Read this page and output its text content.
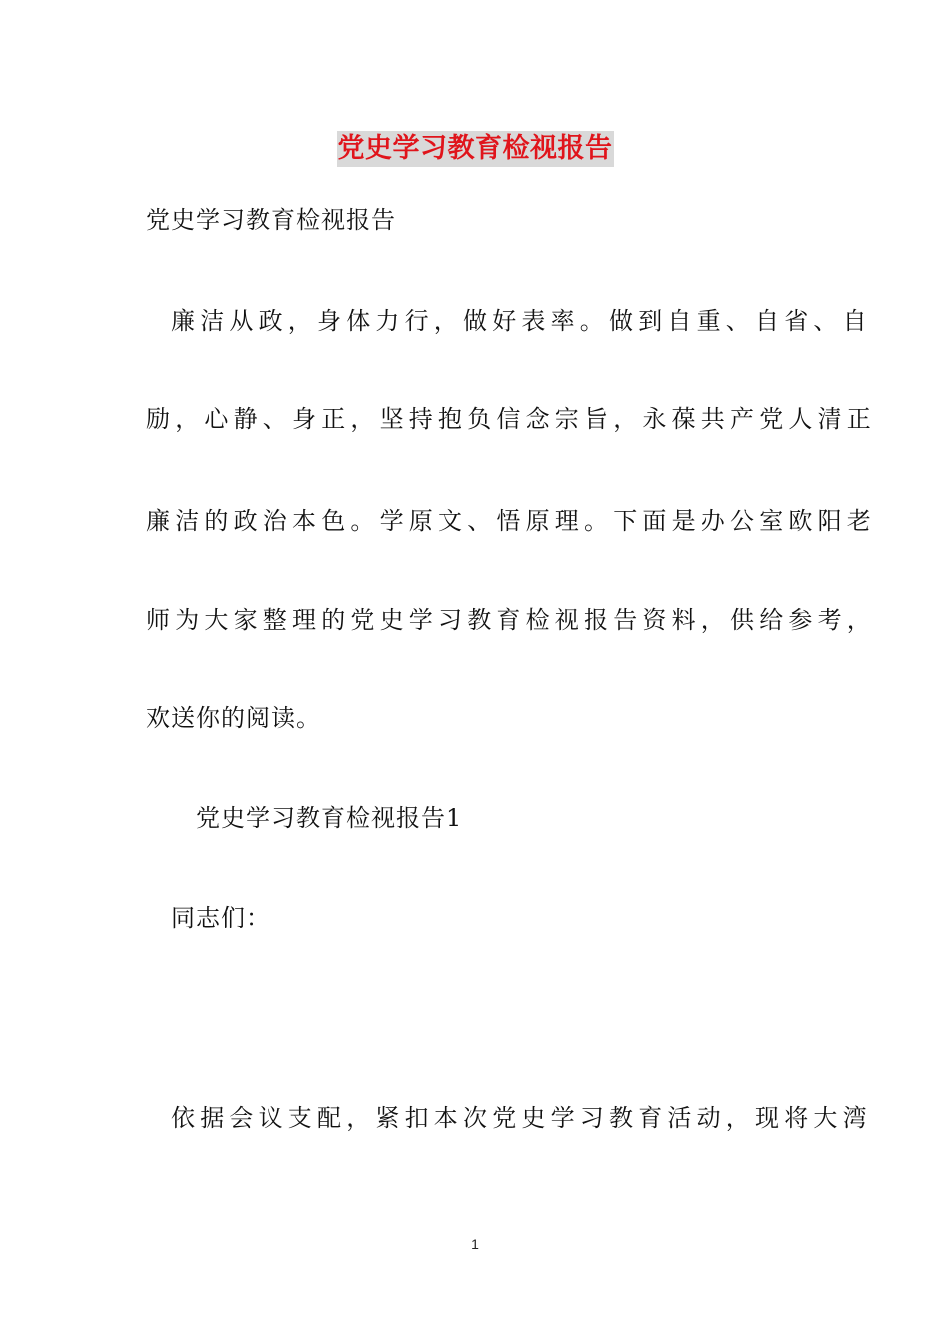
党史学习教育检视报告

党史学习教育检视报告

廉洁从政，身体力行，做好表率。做到自重、自省、自

励，心静、身正，坚持抱负信念宗旨，永葆共产党人清正

廉洁的政治本色。学原文、悟原理。下面是办公室欧阳老

师为大家整理的党史学习教育检视报告资料，供给参考，

欢送你的阅读。

党史学习教育检视报告1

同志们：

依据会议支配，紧扣本次党史学习教育活动，现将大湾

1
